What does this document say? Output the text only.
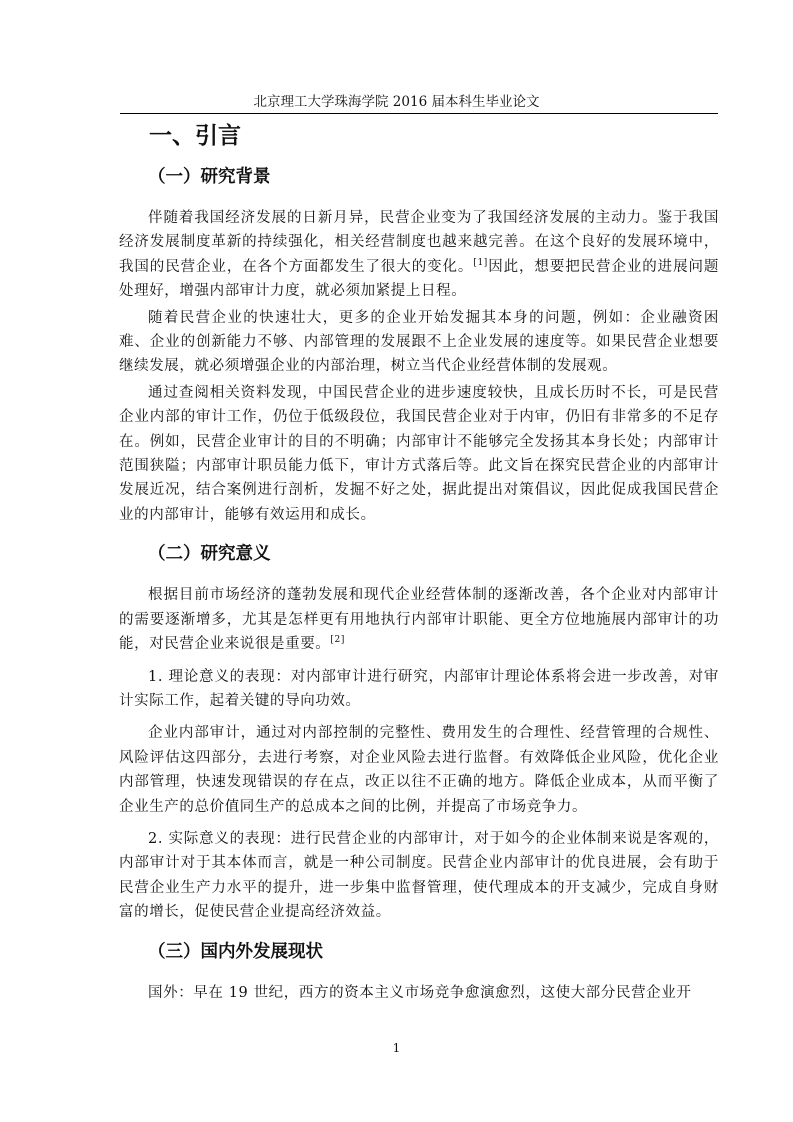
北京理工大学珠海学院 2016 届本科生毕业论文
一、引言
（一）研究背景

伴随着我国经济发展的日新月异，民营企业变为了我国经济发展的主动力。鉴于我国经济发展制度革新的持续强化，相关经营制度也越来越完善。在这个良好的发展环境中，我国的民营企业，在各个方面都发生了很大的变化。[1]因此，想要把民营企业的进展问题处理好，增强内部审计力度，就必须加紧提上日程。

随着民营企业的快速壮大，更多的企业开始发掘其本身的问题，例如：企业融资困难、企业的创新能力不够、内部管理的发展跟不上企业发展的速度等。如果民营企业想要继续发展，就必须增强企业的内部治理，树立当代企业经营体制的发展观。

通过查阅相关资料发现，中国民营企业的进步速度较快，且成长历时不长，可是民营企业内部的审计工作，仍位于低级段位，我国民营企业对于内审，仍旧有非常多的不足存在。例如，民营企业审计的目的不明确；内部审计不能够完全发扬其本身长处；内部审计范围狭隘；内部审计职员能力低下，审计方式落后等。此文旨在探究民营企业的内部审计发展近况，结合案例进行剖析，发掘不好之处，据此提出对策倡议，因此促成我国民营企业的内部审计，能够有效运用和成长。

（二）研究意义

根据目前市场经济的蓬勃发展和现代企业经营体制的逐渐改善，各个企业对内部审计的需要逐渐增多，尤其是怎样更有用地执行内部审计职能、更全方位地施展内部审计的功能，对民营企业来说很是重要。[2]

1. 理论意义的表现：对内部审计进行研究，内部审计理论体系将会进一步改善，对审计实际工作，起着关键的导向功效。

企业内部审计，通过对内部控制的完整性、费用发生的合理性、经营管理的合规性、风险评估这四部分，去进行考察，对企业风险去进行监督。有效降低企业风险，优化企业内部管理，快速发现错误的存在点，改正以往不正确的地方。降低企业成本，从而平衡了企业生产的总价值同生产的总成本之间的比例，并提高了市场竞争力。

2. 实际意义的表现：进行民营企业的内部审计，对于如今的企业体制来说是客观的，内部审计对于其本体而言，就是一种公司制度。民营企业内部审计的优良进展，会有助于民营企业生产力水平的提升，进一步集中监督管理，使代理成本的开支减少，完成自身财富的增长，促使民营企业提高经济效益。

（三）国内外发展现状

国外：早在 19 世纪，西方的资本主义市场竞争愈演愈烈，这使大部分民营企业开

1
